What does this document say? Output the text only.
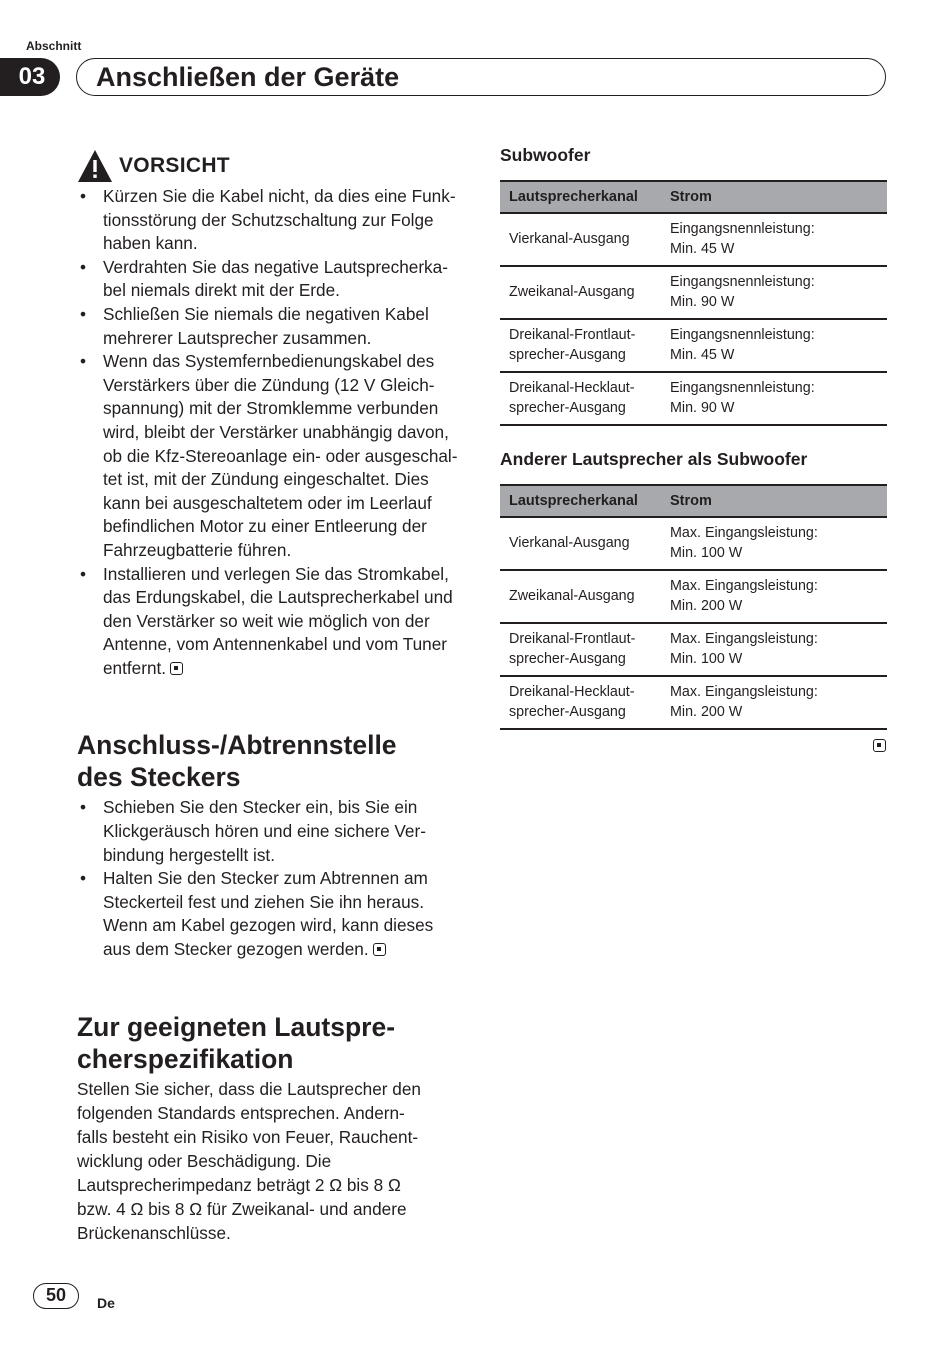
Abschnitt
03	Anschließen der Geräte
VORSICHT
• Kürzen Sie die Kabel nicht, da dies eine Funk-
tionsstörung der Schutzschaltung zur Folge
haben kann.
• Verdrahten Sie das negative Lautsprecherka-
bel niemals direkt mit der Erde.
• Schließen Sie niemals die negativen Kabel
mehrerer Lautsprecher zusammen.
• Wenn das Systemfernbedienungskabel des
Verstärkers über die Zündung (12 V Gleich-
spannung) mit der Stromklemme verbunden
wird, bleibt der Verstärker unabhängig davon,
ob die Kfz-Stereoanlage ein- oder ausgeschal-
tet ist, mit der Zündung eingeschaltet. Dies
kann bei ausgeschaltetem oder im Leerlauf
befindlichen Motor zu einer Entleerung der
Fahrzeugbatterie führen.
• Installieren und verlegen Sie das Stromkabel,
das Erdungskabel, die Lautsprecherkabel und
den Verstärker so weit wie möglich von der
Antenne, vom Antennenkabel und vom Tuner
entfernt.
Anschluss-/Abtrennstelle
des Steckers
• Schieben Sie den Stecker ein, bis Sie ein
Klickgeräusch hören und eine sichere Ver-
bindung hergestellt ist.
• Halten Sie den Stecker zum Abtrennen am
Steckerteil fest und ziehen Sie ihn heraus.
Wenn am Kabel gezogen wird, kann dieses
aus dem Stecker gezogen werden.
Zur geeigneten Lautspre-
cherspezifikation

Stellen Sie sicher, dass die Lautsprecher den
folgenden Standards entsprechen. Andern-
falls besteht ein Risiko von Feuer, Rauchent-
wicklung oder Beschädigung. Die
Lautsprecherimpedanz beträgt 2 Ω bis 8 Ω
bzw. 4 Ω bis 8 Ω für Zweikanal- und andere
Brückenanschlüsse.

Subwoofer
Lautsprecherkanal	Strom
Vierkanal-Ausgang	Eingangsnennleistung:
Min. 45 W
Zweikanal-Ausgang	Eingangsnennleistung:
Min. 90 W
Dreikanal-Frontlaut-
sprecher-Ausgang	Eingangsnennleistung:
Min. 45 W
Dreikanal-Hecklaut-
sprecher-Ausgang	Eingangsnennleistung:
Min. 90 W
Anderer Lautsprecher als Subwoofer
Lautsprecherkanal	Strom
Vierkanal-Ausgang	Max. Eingangsleistung:
Min. 100 W
Zweikanal-Ausgang	Max. Eingangsleistung:
Min. 200 W
Dreikanal-Frontlaut-
sprecher-Ausgang	Max. Eingangsleistung:
Min. 100 W
Dreikanal-Hecklaut-
sprecher-Ausgang	Max. Eingangsleistung:
Min. 200 W
50	De
